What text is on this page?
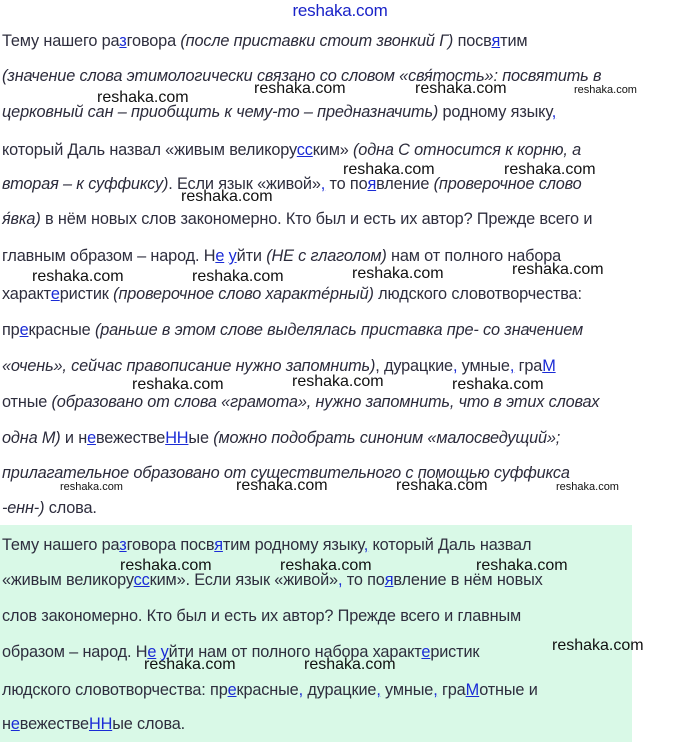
reshaka.com
Тему нашего разговора (после приставки стоит звонкий Г) посвятим
(значение слова этимологически связано со словом «свя́тость»: посвятить в
церковный сан – приобщить к чему-то – предназначить) родному языку,
который Даль назвал «живым великорусским» (одна С относится к корню, а
вторая – к суффиксу). Если язык «живой», то появление (проверочное слово
я́вка) в нём новых слов закономерно. Кто был и есть их автор? Прежде всего и
главным образом – народ. Не уйти (НЕ с глаголом) нам от полного набора
характеристик (проверочное слово характе́рный) людского словотворчества:
прекрасные (раньше в этом слове выделялась приставка пре- со значением
«очень», сейчас правописание нужно запомнить), дурацкие, умные, граМ
отные (образовано от слова «грамота», нужно запомнить, что в этих словах
одна М) и невежествеННые (можно подобрать синоним «малосведущий»;
прилагательное образовано от существительного с помощью суффикса
-енн-) слова.
Тему нашего разговора посвятим родному языку, который Даль назвал
«живым великорусским». Если язык «живой», то появление в нём новых
слов закономерно. Кто был и есть их автор? Прежде всего и главным
образом – народ. Не уйти нам от полного набора характеристик
людского словотворчества: прекрасные, дурацкие, умные, граМотные и
невежествеННые слова.
reshaka.com
reshaka.com	reshaka.com	reshaka.com
reshaka.com	reshaka.com
reshaka.com
reshaka.com	reshaka.com	reshaka.com	reshaka.com
reshaka.com	reshaka.com	reshaka.com
reshaka.com	reshaka.com	reshaka.com	reshaka.com
reshaka.com	reshaka.com	reshaka.com
reshaka.com
reshaka.com	reshaka.com
